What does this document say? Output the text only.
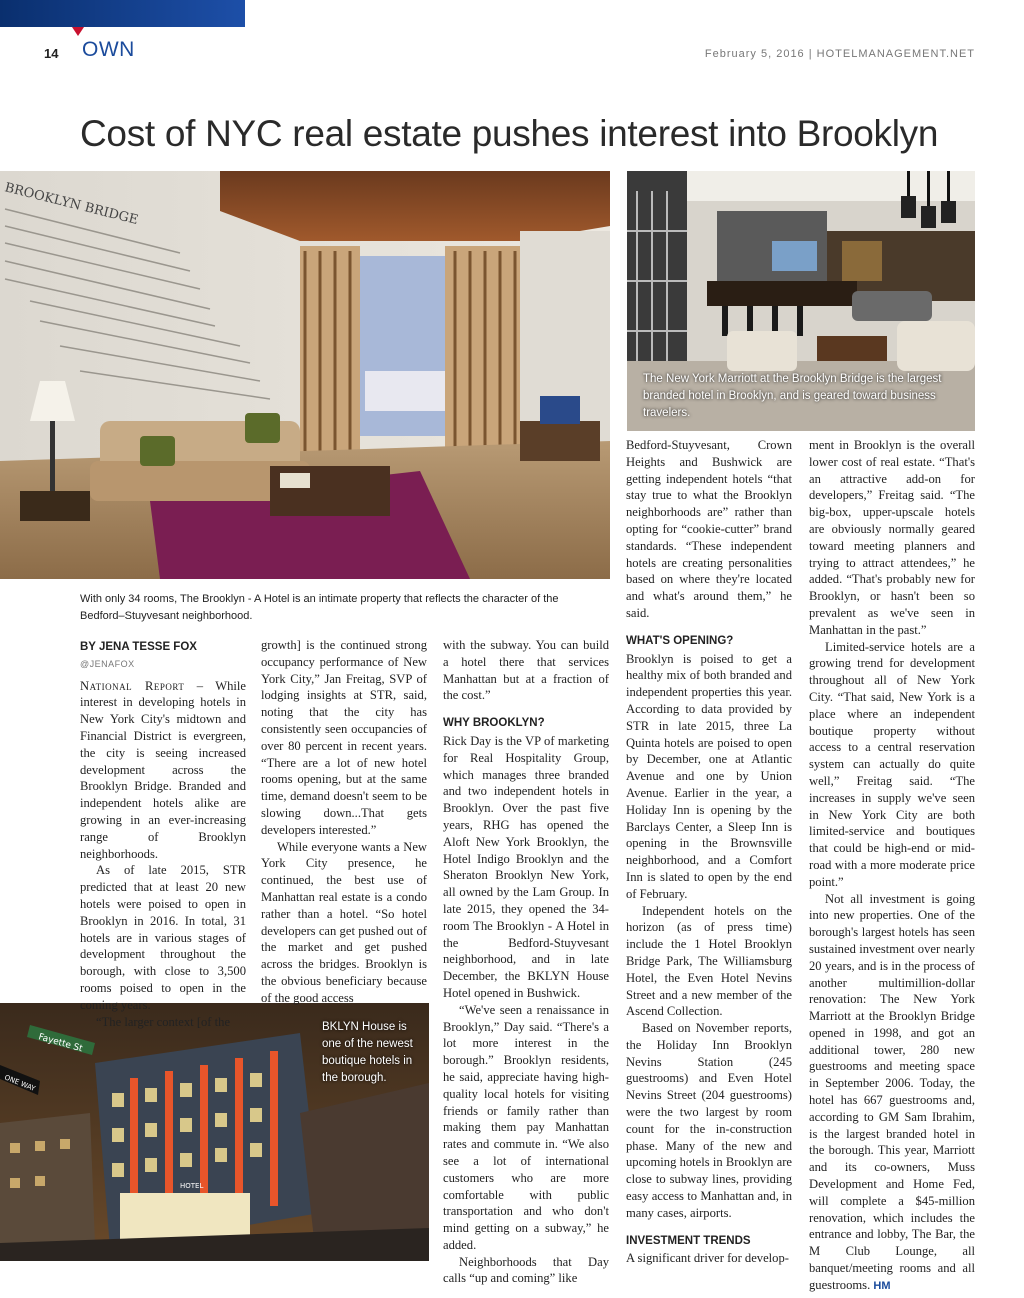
14 OWN	February 5, 2016 | HOTELMANAGEMENT.NET
Cost of NYC real estate pushes interest into Brooklyn
BROOKLYN BRIDGE
With only 34 rooms, The Brooklyn - A Hotel is an intimate property that reflects the character of the Bedford–Stuyvesant neighborhood.
The New York Marriott at the Brooklyn Bridge is the largest branded hotel in Brooklyn, and is geared toward business travelers.
HOTEL
Fayette St
ONE WAY
BKLYN House is one of the newest boutique hotels in the borough.
BY JENA TESSE FOX
@JENAFOX

National Report – While interest in developing hotels in New York City's midtown and Financial District is evergreen, the city is seeing increased development across the Brooklyn Bridge. Branded and independent hotels alike are growing in an ever-increasing range of Brooklyn neighborhoods.

As of late 2015, STR predicted that at least 20 new hotels were poised to open in Brooklyn in 2016. In total, 31 hotels are in various stages of development throughout the borough, with close to 3,500 rooms poised to open in the coming years.

“The larger context [of the

growth] is the continued strong occupancy performance of New York City,” Jan Freitag, SVP of lodging insights at STR, said, noting that the city has consistently seen occupancies of over 80 percent in recent years. “There are a lot of new hotel rooms opening, but at the same time, demand doesn't seem to be slowing down...That gets developers interested.”

While everyone wants a New York City presence, he continued, the best use of Manhattan real estate is a condo rather than a hotel. “So hotel developers can get pushed out of the market and get pushed across the bridges. Brooklyn is the obvious beneficiary because of the good access

with the subway. You can build a hotel there that services Manhattan but at a fraction of the cost.”

WHY BROOKLYN?

Rick Day is the VP of marketing for Real Hospitality Group, which manages three branded and two independent hotels in Brooklyn. Over the past five years, RHG has opened the Aloft New York Brooklyn, the Hotel Indigo Brooklyn and the Sheraton Brooklyn New York, all owned by the Lam Group. In late 2015, they opened the 34-room The Brooklyn - A Hotel in the Bedford-Stuyvesant neighborhood, and in late December, the BKLYN House Hotel opened in Bushwick.

“We've seen a renaissance in Brooklyn,” Day said. “There's a lot more interest in the borough.” Brooklyn residents, he said, appreciate having high-quality local hotels for visiting friends or family rather than making them pay Manhattan rates and commute in. “We also see a lot of international customers who are more comfortable with public transportation and who don't mind getting on a subway,” he added.

Neighborhoods that Day calls “up and coming” like

Bedford-Stuyvesant, Crown Heights and Bushwick are getting independent hotels “that stay true to what the Brooklyn neighborhoods are” rather than opting for “cookie-cutter” brand standards. “These independent hotels are creating personalities based on where they're located and what's around them,” he said.

WHAT'S OPENING?

Brooklyn is poised to get a healthy mix of both branded and independent properties this year. According to data provided by STR in late 2015, three La Quinta hotels are poised to open by December, one at Atlantic Avenue and one by Union Avenue. Earlier in the year, a Holiday Inn is opening by the Barclays Center, a Sleep Inn is opening in the Brownsville neighborhood, and a Comfort Inn is slated to open by the end of February.

Independent hotels on the horizon (as of press time) include the 1 Hotel Brooklyn Bridge Park, The Williamsburg Hotel, the Even Hotel Nevins Street and a new member of the Ascend Collection.

Based on November reports, the Holiday Inn Brooklyn Nevins Station (245 guestrooms) and Even Hotel Nevins Street (204 guestrooms) were the two largest by room count for the in-construction phase. Many of the new and upcoming hotels in Brooklyn are close to subway lines, providing easy access to Manhattan and, in many cases, airports.

INVESTMENT TRENDS

A significant driver for develop-

ment in Brooklyn is the overall lower cost of real estate. “That's an attractive add-on for developers,” Freitag said. “The big-box, upper-upscale hotels are obviously normally geared toward meeting planners and trying to attract attendees,” he added. “That's probably new for Brooklyn, or hasn't been so prevalent as we've seen in Manhattan in the past.”

Limited-service hotels are a growing trend for development throughout all of New York City. “That said, New York is a place where an independent boutique property without access to a central reservation system can actually do quite well,” Freitag said. “The increases in supply we've seen in New York City are both limited-service and boutiques that could be high-end or mid-road with a more moderate price point.”

Not all investment is going into new properties. One of the borough's largest hotels has seen sustained investment over nearly 20 years, and is in the process of another multimillion-dollar renovation: The New York Marriott at the Brooklyn Bridge opened in 1998, and got an additional tower, 280 new guestrooms and meeting space in September 2006. Today, the hotel has 667 guestrooms and, according to GM Sam Ibrahim, is the largest branded hotel in the borough. This year, Marriott and its co-owners, Muss Development and Home Fed, will complete a $45-million renovation, which includes the entrance and lobby, The Bar, the M Club Lounge, all banquet/meeting rooms and all guestrooms. HM
